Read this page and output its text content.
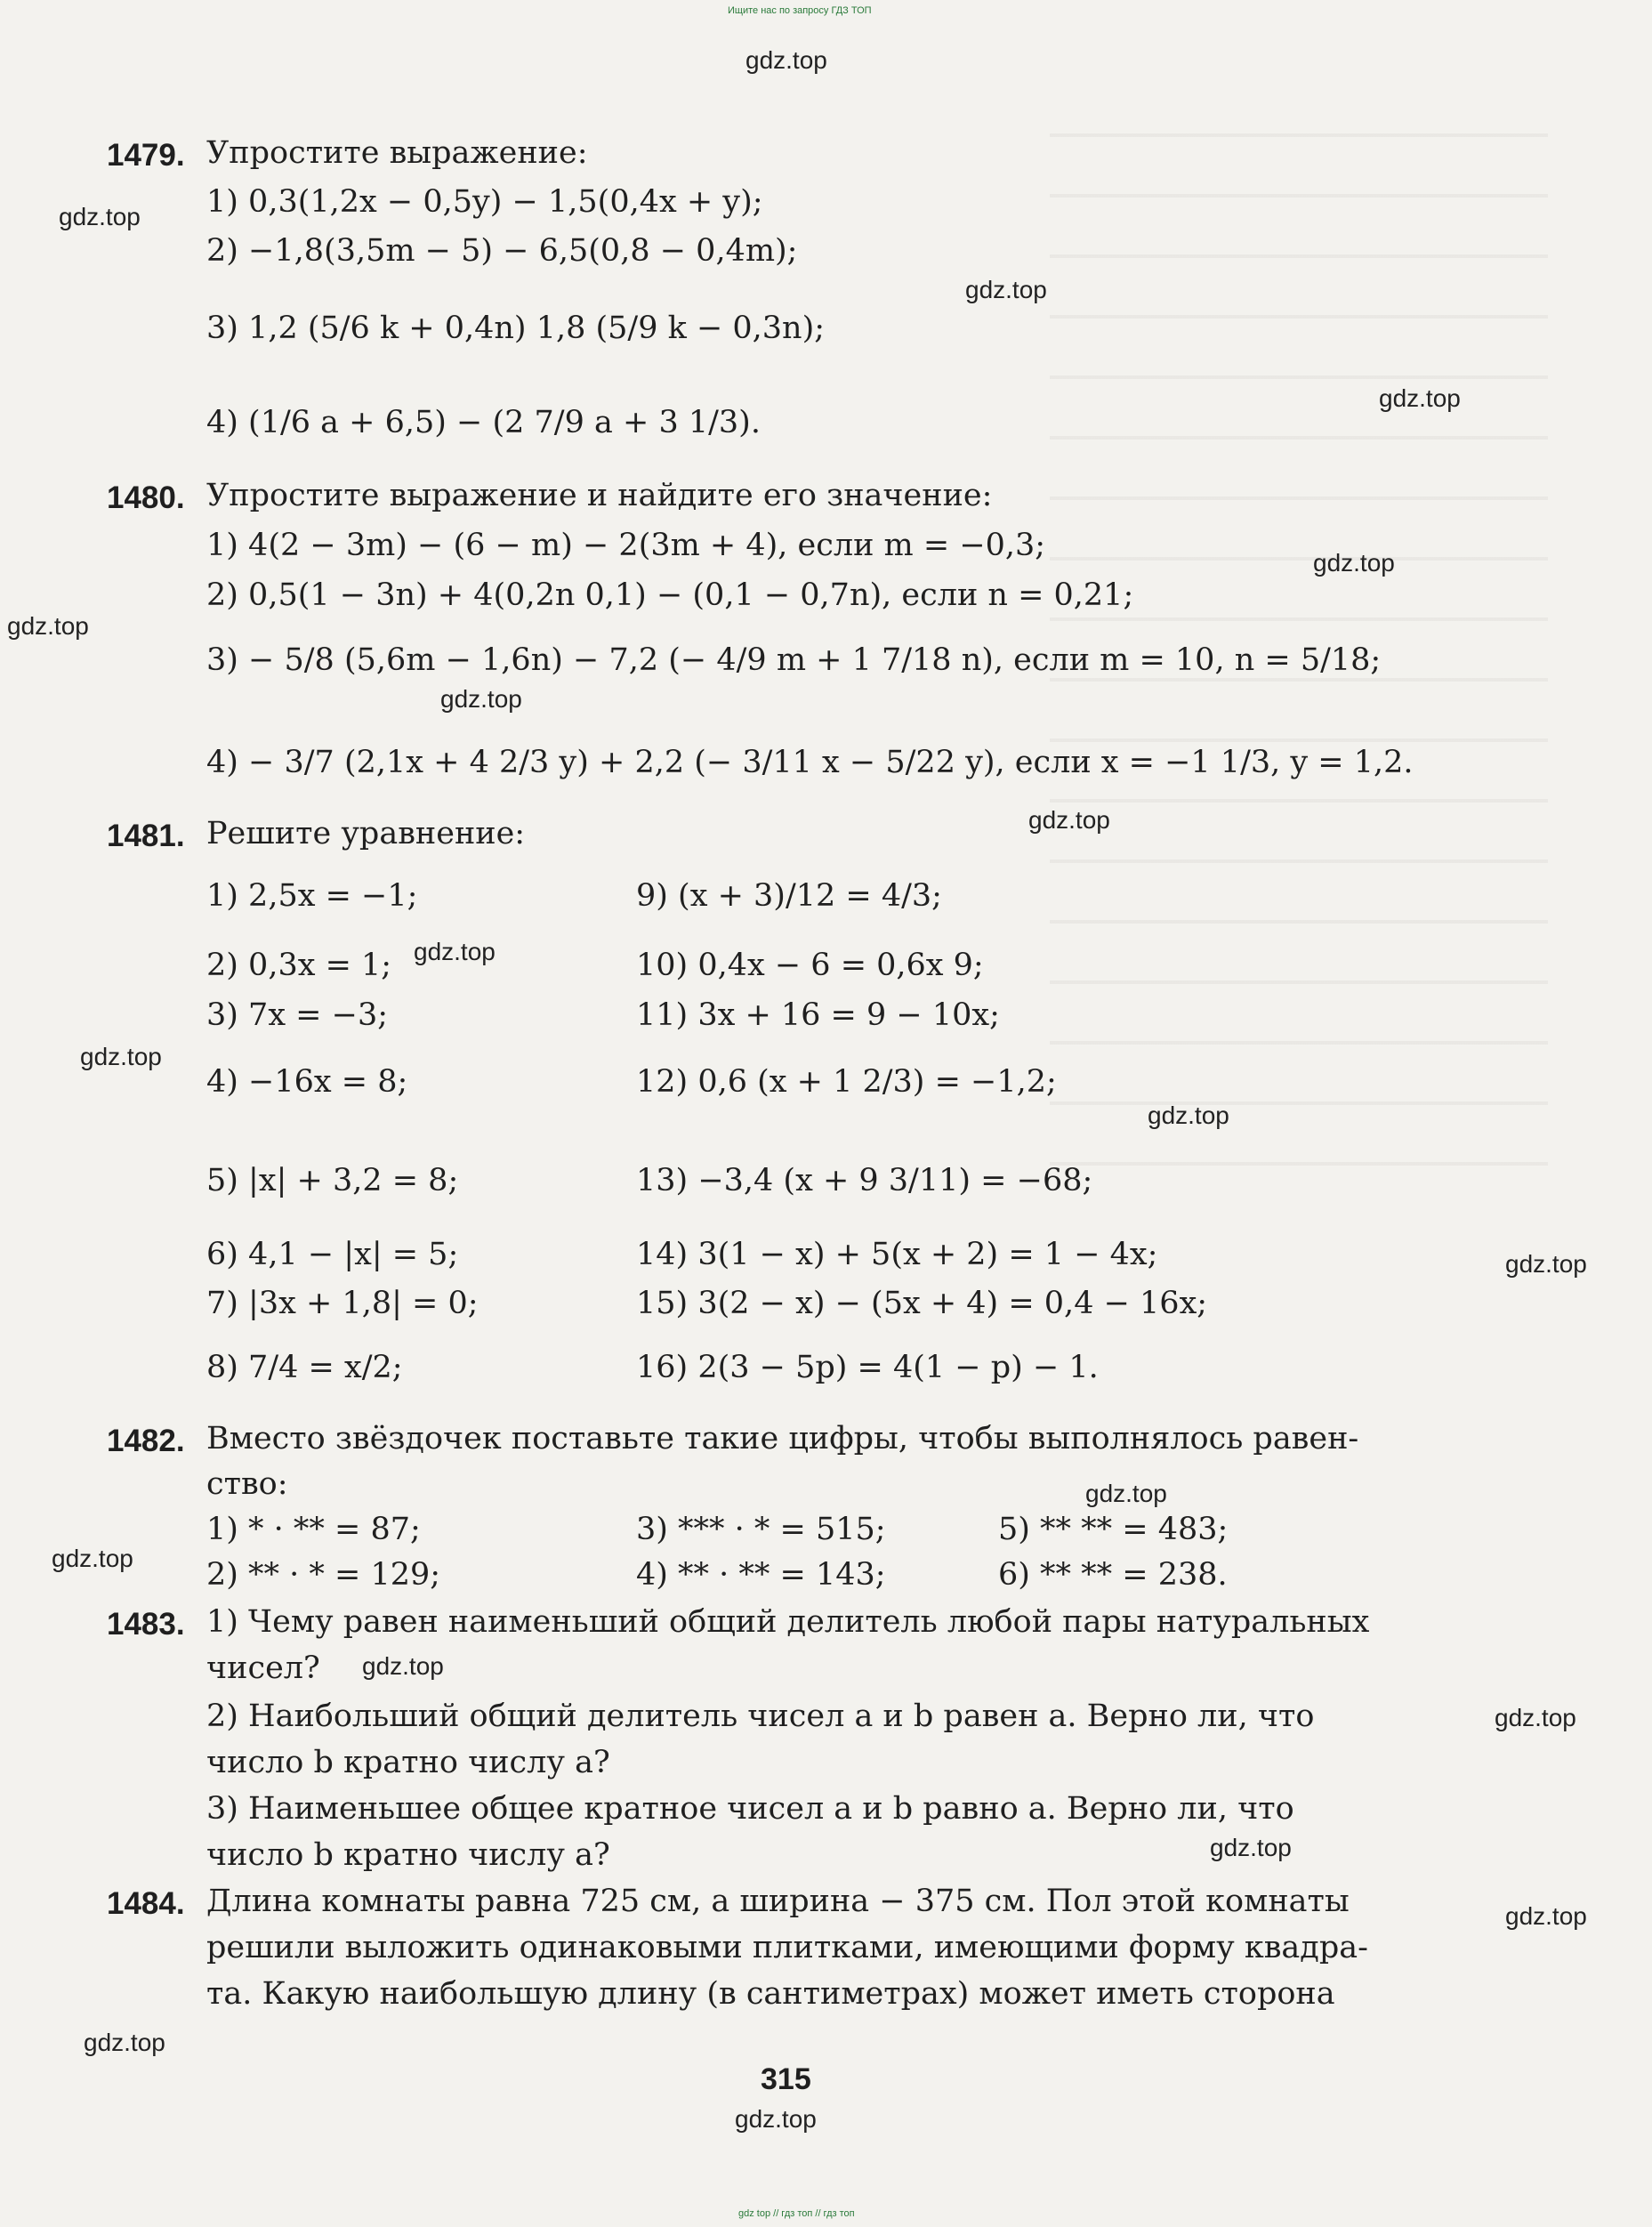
Ищите нас по запросу ГДЗ ТОП
gdz top // гдз топ // гдз топ
gdz.top
gdz.top
gdz.top
gdz.top
gdz.top
gdz.top
gdz.top
gdz.top
gdz.top
gdz.top
gdz.top
gdz.top
gdz.top
gdz.top
gdz.top
gdz.top
gdz.top
gdz.top
gdz.top
gdz.top
1479. Упростите выражение:
1) 0,3(1,2x − 0,5y) − 1,5(0,4x + y);
2) −1,8(3,5m − 5) − 6,5(0,8 − 0,4m);
3) 1,2 (5/6 k + 0,4n) 1,8 (5/9 k − 0,3n);
4) (1/6 a + 6,5) − (2 7/9 a + 3 1/3).
1480. Упростите выражение и найдите его значение:
1) 4(2 − 3m) − (6 − m) − 2(3m + 4), если m = −0,3;
2) 0,5(1 − 3n) + 4(0,2n 0,1) − (0,1 − 0,7n), если n = 0,21;
3) − 5/8 (5,6m − 1,6n) − 7,2 (− 4/9 m + 1 7/18 n), если m = 10, n = 5/18;
4) − 3/7 (2,1x + 4 2/3 y) + 2,2 (− 3/11 x − 5/22 y), если x = −1 1/3, y = 1,2.
1481. Решите уравнение:
1) 2,5x = −1;
2) 0,3x = 1;
3) 7x = −3;
4) −16x = 8;
5) |x| + 3,2 = 8;
6) 4,1 − |x| = 5;
7) |3x + 1,8| = 0;
8) 7/4 = x/2;
9) (x + 3)/12 = 4/3;
10) 0,4x − 6 = 0,6x 9;
11) 3x + 16 = 9 − 10x;
12) 0,6 (x + 1 2/3) = −1,2;
13) −3,4 (x + 9 3/11) = −68;
14) 3(1 − x) + 5(x + 2) = 1 − 4x;
15) 3(2 − x) − (5x + 4) = 0,4 − 16x;
16) 2(3 − 5p) = 4(1 − p) − 1.
1482. Вместо звёздочек поставьте такие цифры, чтобы выполнялось равен-
ство:
1) * · ** = 87;	3) *** · * = 515;	5) ** ** = 483;
2) ** · * = 129;	4) ** · ** = 143;	6) ** ** = 238.
1483. 1) Чему равен наименьший общий делитель любой пары натуральных
чисел?
2) Наибольший общий делитель чисел a и b равен a. Верно ли, что
число b кратно числу a?
3) Наименьшее общее кратное чисел a и b равно a. Верно ли, что
число b кратно числу a?
1484. Длина комнаты равна 725 см, а ширина − 375 см. Пол этой комнаты
решили выложить одинаковыми плитками, имеющими форму квадра-
та. Какую наибольшую длину (в сантиметрах) может иметь сторона
315
